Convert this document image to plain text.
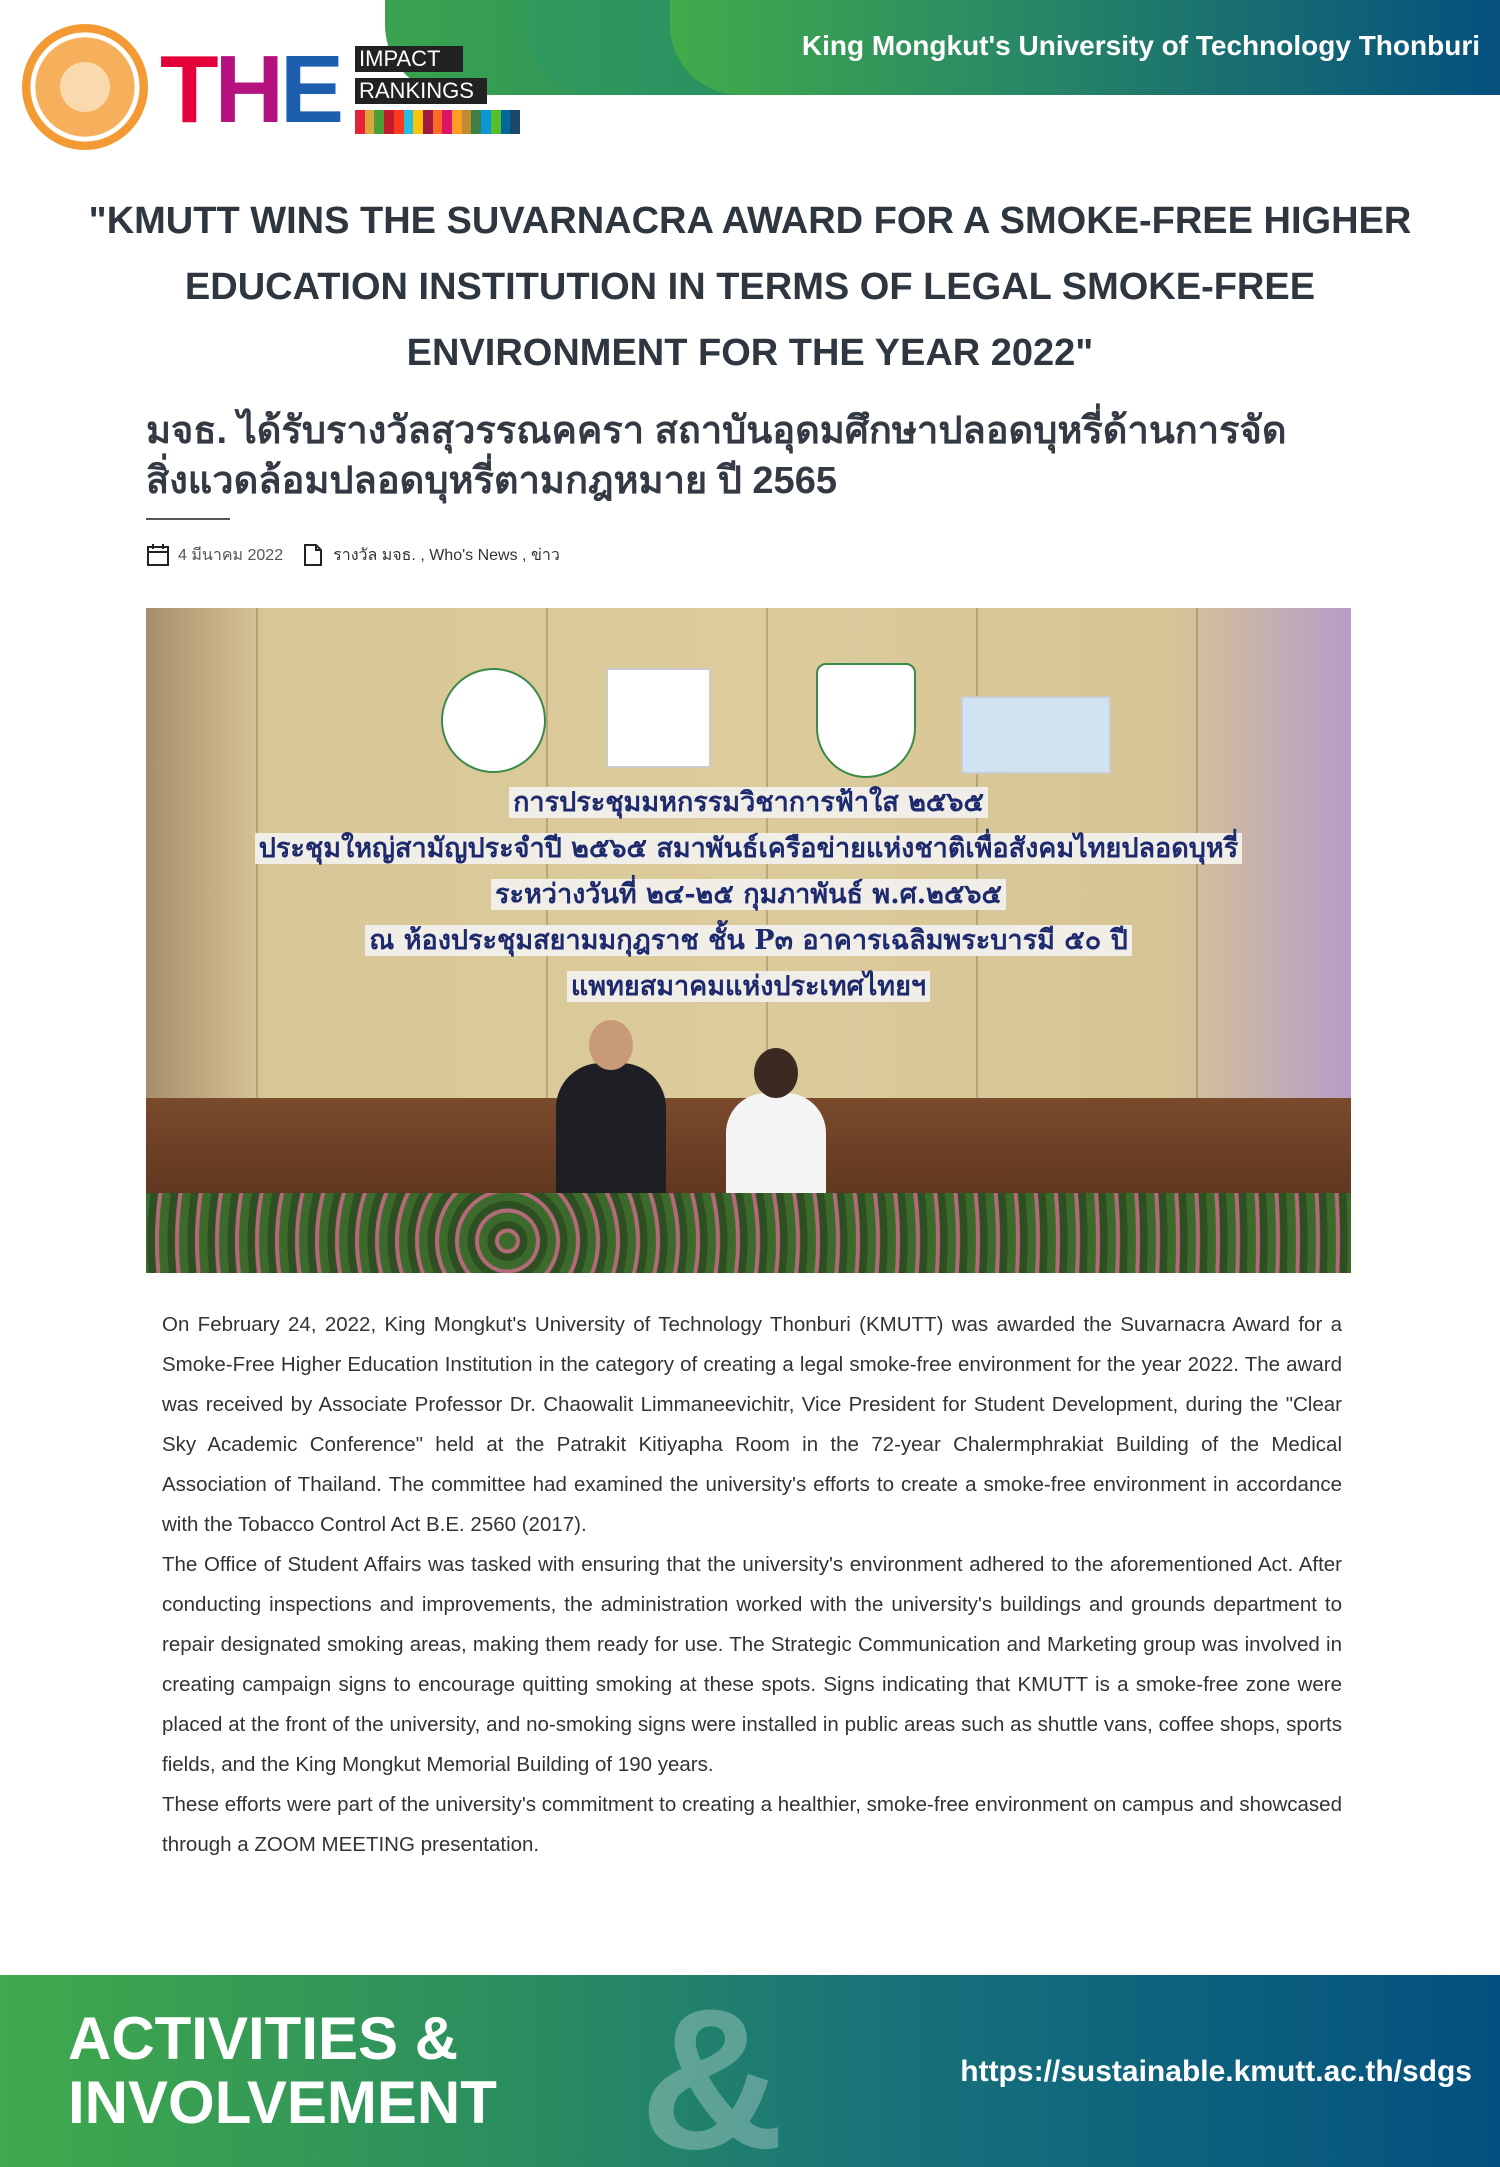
King Mongkut's University of Technology Thonburi
T H E IMPACT
RANKINGS
"KMUTT WINS THE SUVARNACRA AWARD FOR A SMOKE-FREE HIGHER EDUCATION INSTITUTION IN TERMS OF LEGAL SMOKE-FREE ENVIRONMENT FOR THE YEAR 2022"
มจธ. ได้รับรางวัลสุวรรณคครา สถาบันอุดมศึกษาปลอดบุหรี่ด้านการจัด
สิ่งแวดล้อมปลอดบุหรี่ตามกฎหมาย ปี 2565
4 มีนาคม 2022	รางวัล มจธ. , Who's News , ข่าว
การประชุมมหกรรมวิชาการฟ้าใส ๒๕๖๕
ประชุมใหญ่สามัญประจำปี ๒๕๖๕ สมาพันธ์เครือข่ายแห่งชาติเพื่อสังคมไทยปลอดบุหรี่
ระหว่างวันที่ ๒๔-๒๕ กุมภาพันธ์ พ.ศ.๒๕๖๕
ณ ห้องประชุมสยามมกุฎราช ชั้น P๓ อาคารเฉลิมพระบารมี ๕๐ ปี
แพทยสมาคมแห่งประเทศไทยฯ

On February 24, 2022, King Mongkut's University of Technology Thonburi (KMUTT) was awarded the Suvarnacra Award for a Smoke-Free Higher Education Institution in the category of creating a legal smoke-free environment for the year 2022. The award was received by Associate Professor Dr. Chaowalit Limmaneevichitr, Vice President for Student Development, during the "Clear Sky Academic Conference" held at the Patrakit Kitiyapha Room in the 72-year Chalermphrakiat Building of the Medical Association of Thailand. The committee had examined the university's efforts to create a smoke-free environment in accordance with the Tobacco Control Act B.E. 2560 (2017).

The Office of Student Affairs was tasked with ensuring that the university's environment adhered to the aforementioned Act. After conducting inspections and improvements, the administration worked with the university's buildings and grounds department to repair designated smoking areas, making them ready for use. The Strategic Communication and Marketing group was involved in creating campaign signs to encourage quitting smoking at these spots. Signs indicating that KMUTT is a smoke-free zone were placed at the front of the university, and no-smoking signs were installed in public areas such as shuttle vans, coffee shops, sports fields, and the King Mongkut Memorial Building of 190 years.

These efforts were part of the university's commitment to creating a healthier, smoke-free environment on campus and showcased through a ZOOM MEETING presentation.

&
ACTIVITIES &
INVOLVEMENT	https://sustainable.kmutt.ac.th/sdgs
